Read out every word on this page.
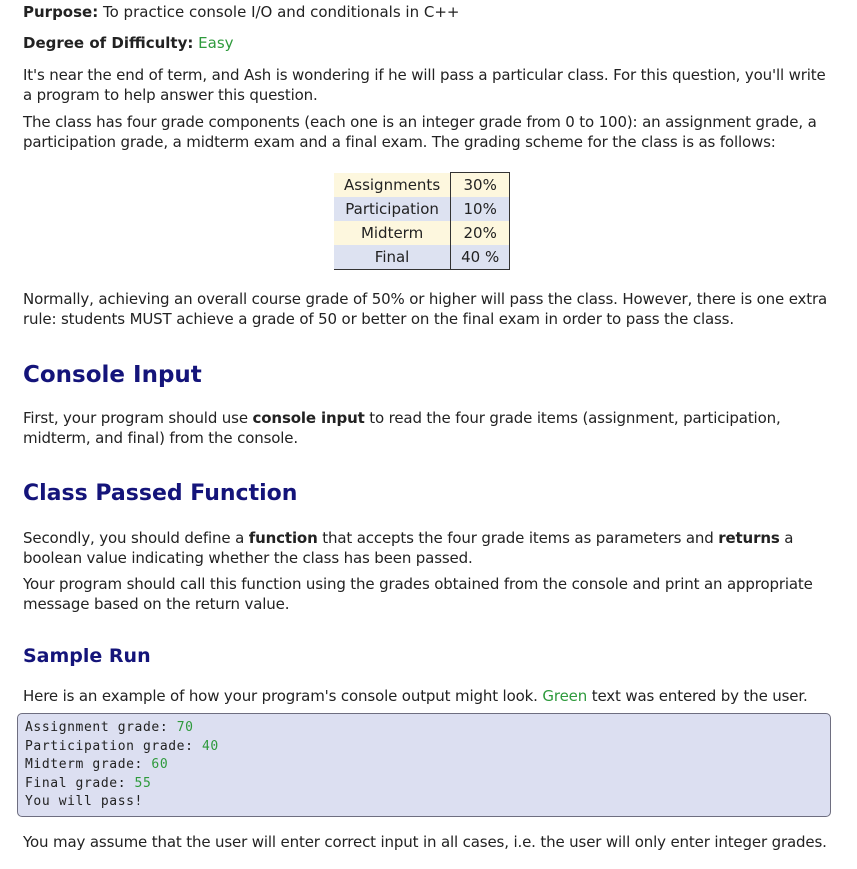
Purpose: To practice console I/O and conditionals in C++
Degree of Difficulty: Easy
It's near the end of term, and Ash is wondering if he will pass a particular class. For this question, you'll write a program to help answer this question.
The class has four grade components (each one is an integer grade from 0 to 100): an assignment grade, a participation grade, a midterm exam and a final exam. The grading scheme for the class is as follows:
Assignments	30%
Participation	10%
Midterm	20%
Final	40 %
Normally, achieving an overall course grade of 50% or higher will pass the class. However, there is one extra rule: students MUST achieve a grade of 50 or better on the final exam in order to pass the class.
Console Input
First, your program should use console input to read the four grade items (assignment, participation, midterm, and final) from the console.
Class Passed Function
Secondly, you should define a function that accepts the four grade items as parameters and returns a boolean value indicating whether the class has been passed.
Your program should call this function using the grades obtained from the console and print an appropriate message based on the return value.
Sample Run
Here is an example of how your program's console output might look. Green text was entered by the user.
Assignment grade: 70
Participation grade: 40
Midterm grade: 60
Final grade: 55
You will pass!
You may assume that the user will enter correct input in all cases, i.e. the user will only enter integer grades.
